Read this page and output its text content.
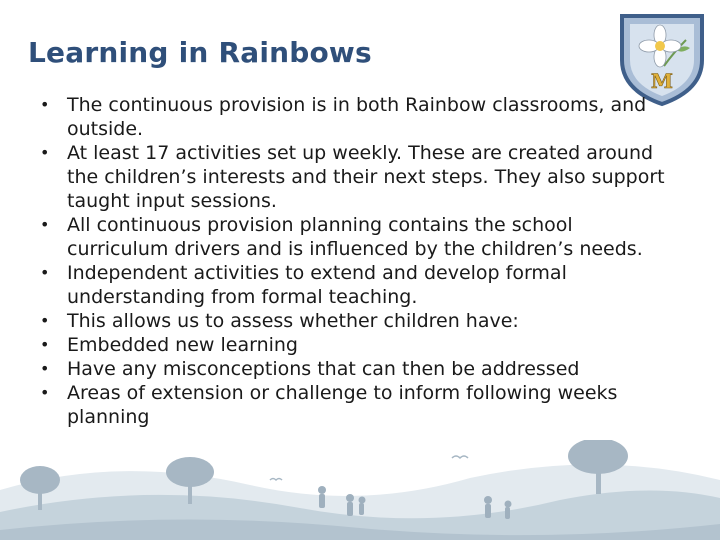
Learning in Rainbows
M
• The continuous provision is in both Rainbow classrooms, and outside.
• At least 17 activities set up weekly. These are created around the children’s interests and their next steps. They also support taught input sessions.
• All continuous provision planning contains the school curriculum drivers and is influenced by the children’s needs.
• Independent activities to extend and develop formal understanding from formal teaching.
• This allows us to assess whether children have:
• Embedded new learning
• Have any misconceptions that can then be addressed
• Areas of extension or challenge to inform following weeks planning
